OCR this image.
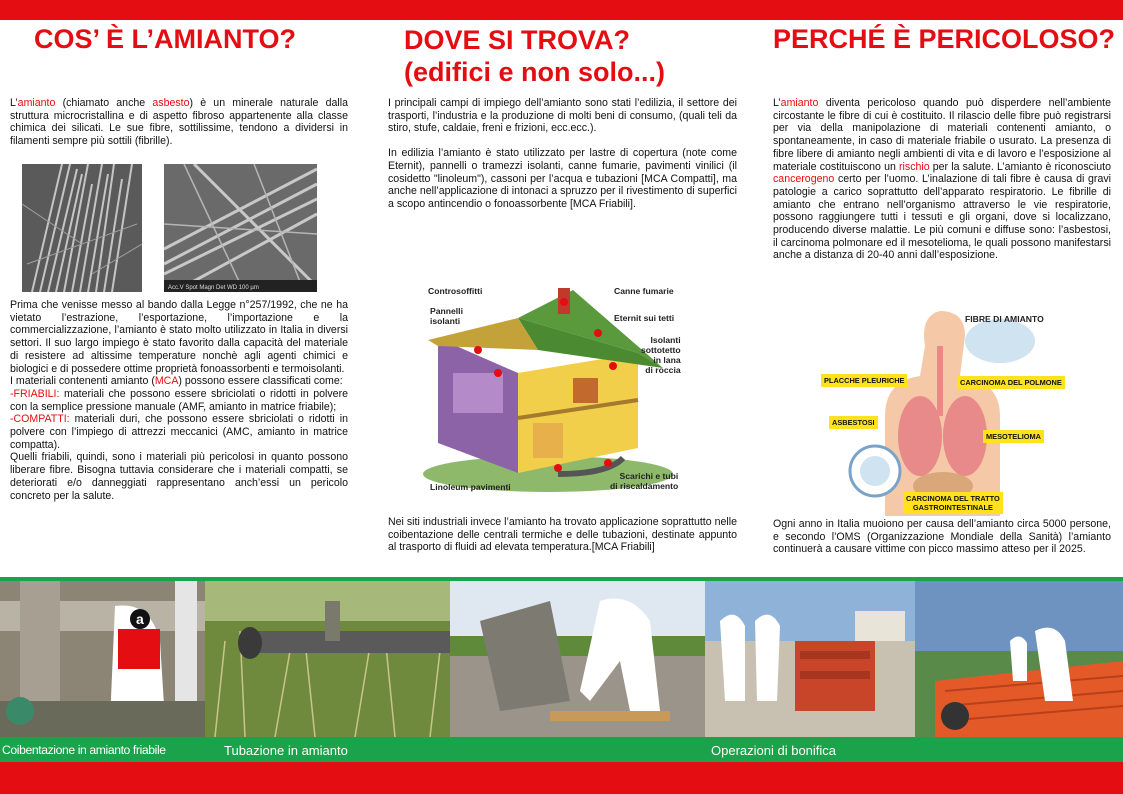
COS’ È L’AMIANTO?	DOVE SI TROVA?
(edifici e non solo...)
PERCHÉ È PERICOLOSO?

L’amianto (chiamato anche asbesto) è un minerale naturale dalla struttura microcristallina e di aspetto fibroso appartenente alla classe chimica dei silicati. Le sue fibre, sottilissime, tendono a dividersi in filamenti sempre più sottili (fibrille).

Acc.V Spot Magn Det WD 100 µm

Prima che venisse messo al bando dalla Legge n°257/1992, che ne ha vietato l’estrazione, l’esportazione, l’importazione e la commercializzazione, l’amianto è stato molto utilizzato in Italia in diversi settori. Il suo largo impiego è stato favorito dalla capacità del materiale di resistere ad altissime temperature nonchè agli agenti chimici e biologici e di possedere ottime proprietà fonoassorbenti e termoisolanti.

I materiali contenenti amianto (MCA) possono essere classificati come:

-FRIABILI: materiali che possono essere sbriciolati o ridotti in polvere con la semplice pressione manuale (AMF, amianto in matrice friabile);

-COMPATTI: materiali duri, che possono essere sbriciolati o ridotti in polvere con l’impiego di attrezzi meccanici (AMC, amianto in matrice compatta).

Quelli friabili, quindi, sono i materiali più pericolosi in quanto possono liberare fibre. Bisogna tuttavia considerare che i materiali compatti, se deteriorati e/o danneggiati rappresentano anch’essi un pericolo concreto per la salute.

I principali campi di impiego dell’amianto sono stati l’edilizia, il settore dei trasporti, l’industria e la produzione di molti beni di consumo, (quali teli da stiro, stufe, caldaie, freni e frizioni, ecc.ecc.).

In edilizia l’amianto è stato utilizzato per lastre di copertura (note come Eternit), pannelli o tramezzi isolanti, canne fumarie, pavimenti vinilici (il cosidetto "linoleum"), cassoni per l’acqua e tubazioni [MCA Compatti], ma anche nell’applicazione di intonaci a spruzzo per il rivestimento di superfici a scopo antincendio o fonoassorbente [MCA Friabili].

Controsoffitti
Pannelli
isolanti
Canne fumarie
Eternit sui tetti
Isolanti
sottotetto
in lana
di roccia
Linoleum pavimenti
Scarichi e tubi
di riscaldamento

Nei siti industriali invece l’amianto ha trovato applicazione soprattutto nelle coibentazione delle centrali termiche e delle tubazioni, destinate appunto al trasporto di fluidi ad elevata temperatura.[MCA Friabili]

L’amianto diventa pericoloso quando può disperdere nell’ambiente circostante le fibre di cui è costituito. Il rilascio delle fibre può registrarsi per via della manipolazione di materiali contenenti amianto, o spontaneamente, in caso di materiale friabile o usurato. La presenza di fibre libere di amianto negli ambienti di vita e di lavoro e l’esposizione al materiale costituiscono un rischio per la salute. L’amianto è riconosciuto cancerogeno certo per l’uomo. L’inalazione di tali fibre è causa di gravi patologie a carico soprattutto dell’apparato respiratorio. Le fibrille di amianto che entrano nell’organismo attraverso le vie respiratorie, possono raggiungere tutti i tessuti e gli organi, dove si localizzano, producendo diverse malattie. Le più comuni e diffuse sono: l’asbestosi, il carcinoma polmonare ed il mesotelioma, le quali possono manifestarsi anche a distanza di 20-40 anni dall’esposizione.

FIBRE DI AMIANTO
PLACCHE PLEURICHE	CARCINOMA DEL POLMONE
ASBESTOSI
MESOTELIOMA
CARCINOMA DEL TRATTO
GASTROINTESTINALE

Ogni anno in Italia muoiono per causa dell’amianto circa 5000 persone, e secondo l’OMS (Organizzazione Mondiale della Sanità) l’amianto continuerà a causare vittime con picco massimo atteso per il 2025.

a
Coibentazione in amianto friabile	Tubazione in amianto	Operazioni di bonifica
